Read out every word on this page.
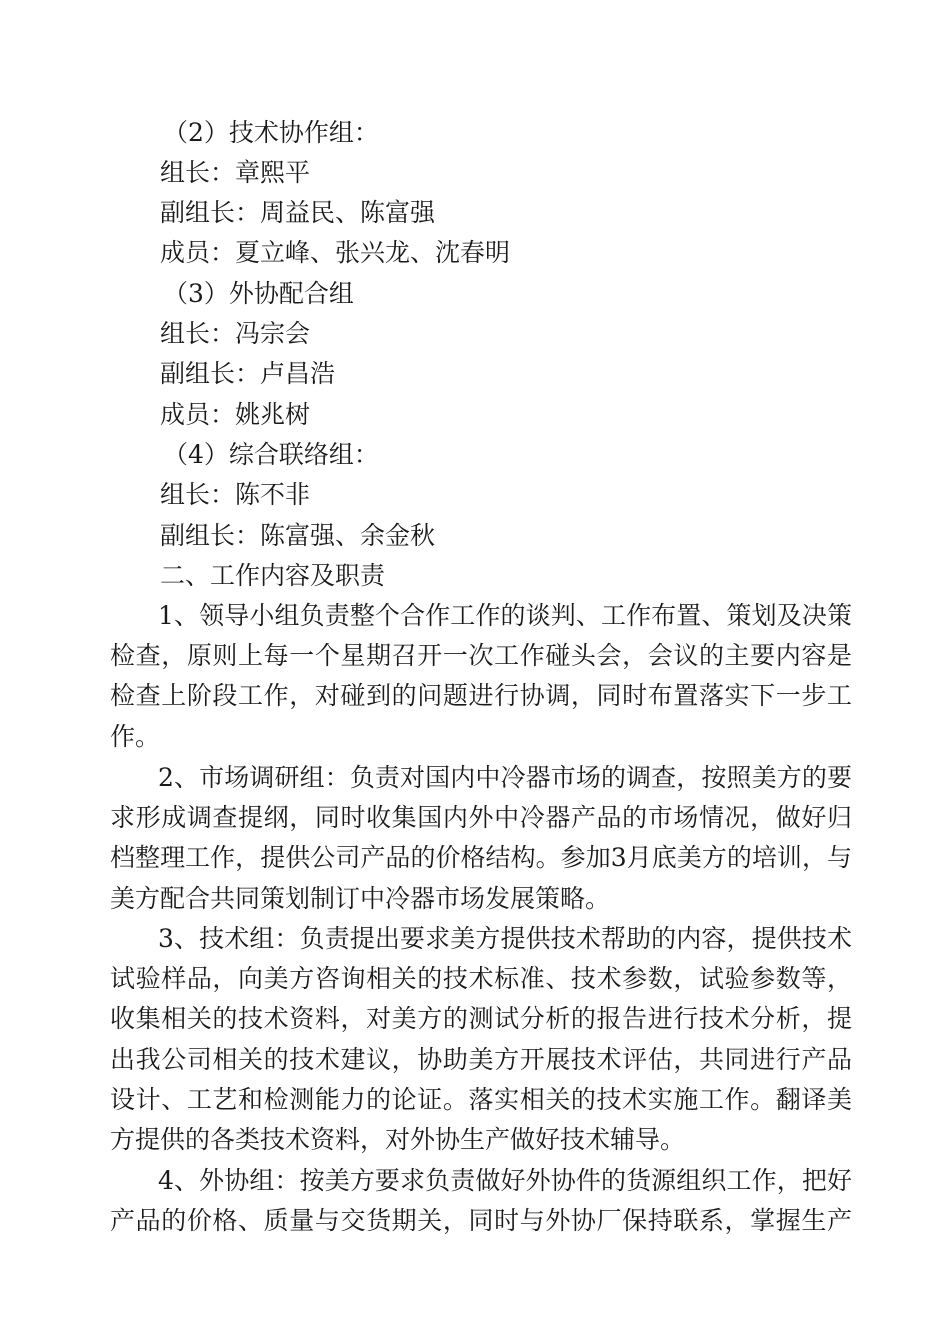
（2）技术协作组：
组长：章熙平
副组长：周益民、陈富强
成员：夏立峰、张兴龙、沈春明
（3）外协配合组
组长：冯宗会
副组长：卢昌浩
成员：姚兆树
（4）综合联络组：
组长：陈不非
副组长：陈富强、余金秋
二、工作内容及职责
1、领导小组负责整个合作工作的谈判、工作布置、策划及决策
检查，原则上每一个星期召开一次工作碰头会，会议的主要内容是
检查上阶段工作，对碰到的问题进行协调，同时布置落实下一步工
作。
2、市场调研组：负责对国内中冷器市场的调查，按照美方的要
求形成调查提纲，同时收集国内外中冷器产品的市场情况，做好归
档整理工作，提供公司产品的价格结构。参加3月底美方的培训，与
美方配合共同策划制订中冷器市场发展策略。
3、技术组：负责提出要求美方提供技术帮助的内容，提供技术
试验样品，向美方咨询相关的技术标准、技术参数，试验参数等，
收集相关的技术资料，对美方的测试分析的报告进行技术分析，提
出我公司相关的技术建议，协助美方开展技术评估，共同进行产品
设计、工艺和检测能力的论证。落实相关的技术实施工作。翻译美
方提供的各类技术资料，对外协生产做好技术辅导。
4、外协组：按美方要求负责做好外协件的货源组织工作，把好
产品的价格、质量与交货期关，同时与外协厂保持联系，掌握生产
